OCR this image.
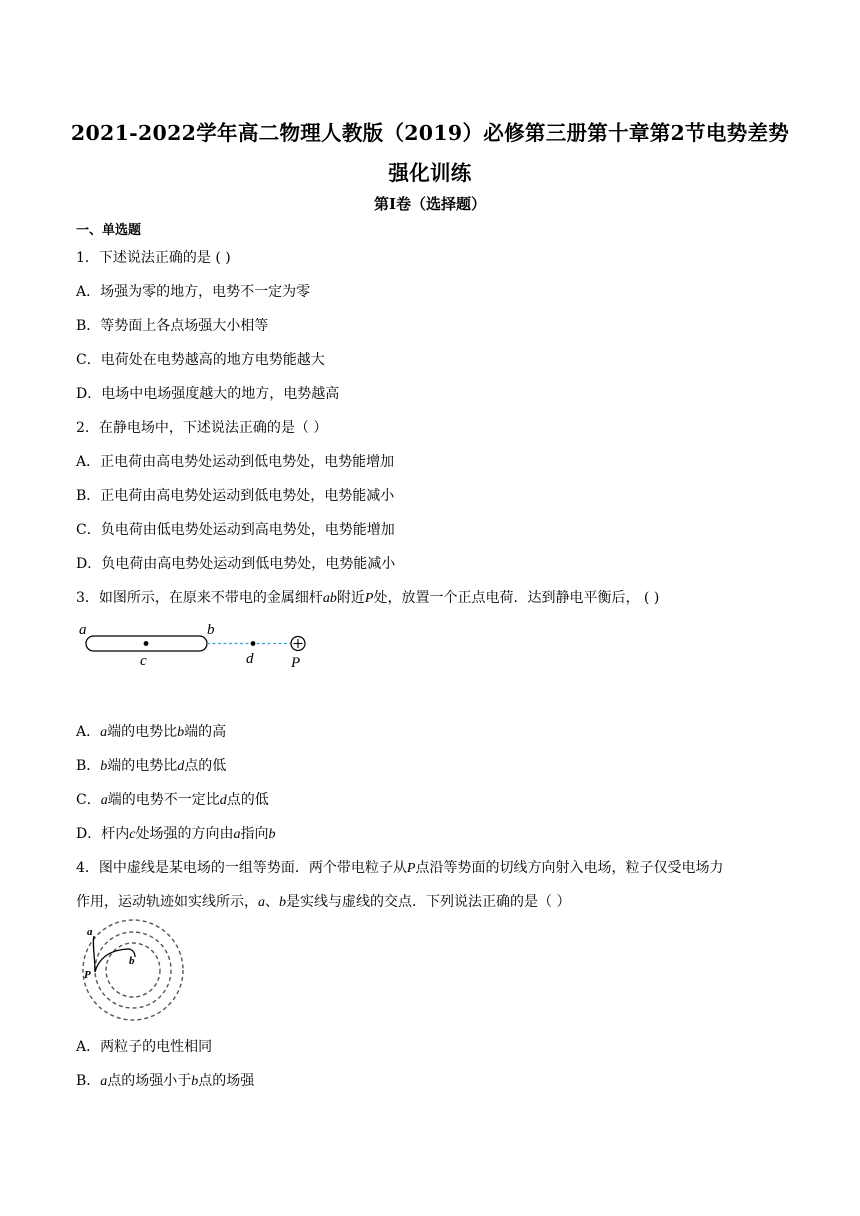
2021-2022学年高二物理人教版（2019）必修第三册第十章第2节电势差势
强化训练
第Ⅰ卷（选择题）
一、单选题
1．下述说法正确的是 ( )
A．场强为零的地方，电势不一定为零
B．等势面上各点场强大小相等
C．电荷处在电势越高的地方电势能越大
D．电场中电场强度越大的地方，电势越高
2．在静电场中，下述说法正确的是（ ）
A．正电荷由高电势处运动到低电势处，电势能增加
B．正电荷由高电势处运动到低电势处，电势能减小
C．负电荷由低电势处运动到高电势处，电势能增加
D．负电荷由高电势处运动到低电势处，电势能减小
3．如图所示，在原来不带电的金属细杆ab附近P处，放置一个正点电荷．达到静电平衡后， ( )
a	b
c	d	P
A．a端的电势比b端的高
B．b端的电势比d点的低
C．a端的电势不一定比d点的低
D．杆内c处场强的方向由a指向b
4．图中虚线是某电场的一组等势面．两个带电粒子从P点沿等势面的切线方向射入电场，粒子仅受电场力
作用，运动轨迹如实线所示，a、b是实线与虚线的交点．下列说法正确的是（ ）
a
b
P
A．两粒子的电性相同
B．a点的场强小于b点的场强
